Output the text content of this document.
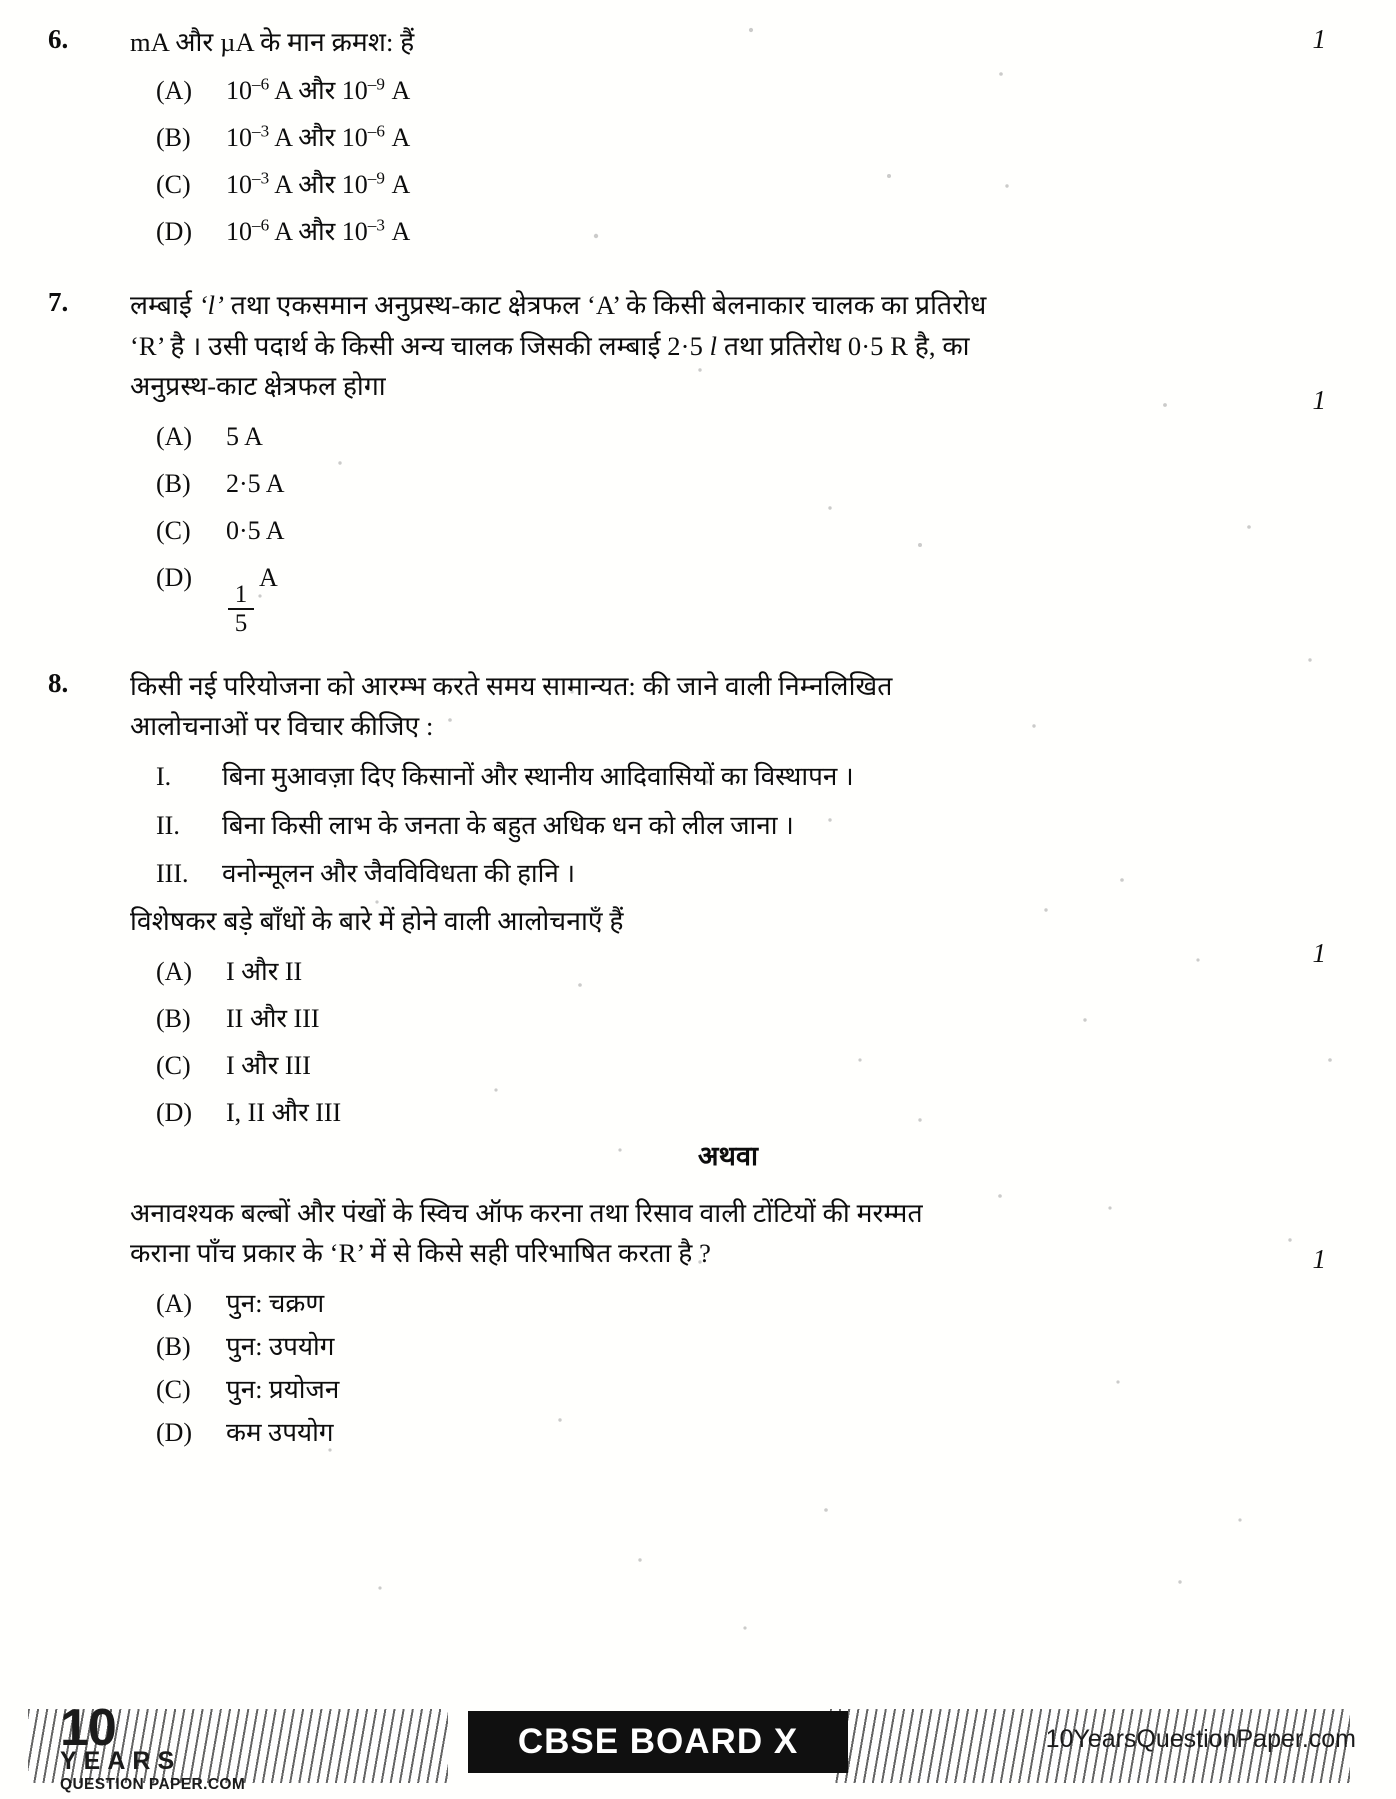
6.	mA और µA के मान क्रमश: हैं
(A)	$10^{-6}$ A और $10^{-9}$ A
(B)	$10^{-3}$ A और $10^{-6}$ A
(C)	$10^{-3}$ A और $10^{-9}$ A
(D)	$10^{-6}$ A और $10^{-3}$ A
1
7.	लम्बाई ‘l’ तथा एकसमान अनुप्रस्थ-काट क्षेत्रफल ‘A’ के किसी बेलनाकार चालक का प्रतिरोध
‘R’ है । उसी पदार्थ के किसी अन्य चालक जिसकी लम्बाई 2·5 l तथा प्रतिरोध 0·5 R है, का
अनुप्रस्थ-काट क्षेत्रफल होगा
(A)	5 A
(B)	2·5 A
(C)	0·5 A
(D)
$\frac{1}{5}$
A
1
8.	किसी नई परियोजना को आरम्भ करते समय सामान्यत: की जाने वाली निम्नलिखित
आलोचनाओं पर विचार कीजिए :
I.	बिना मुआवज़ा दिए किसानों और स्थानीय आदिवासियों का विस्थापन ।
II.	बिना किसी लाभ के जनता के बहुत अधिक धन को लील जाना ।
III.	वनोन्मूलन और जैवविविधता की हानि ।
विशेषकर बड़े बाँधों के बारे में होने वाली आलोचनाएँ हैं
(A)	I और II
(B)	II और III
(C)	I और III
(D)	I, II और III
अथवा
अनावश्यक बल्बों और पंखों के स्विच ऑफ करना तथा रिसाव वाली टोंटियों की मरम्मत
कराना पाँच प्रकार के ‘R’ में से किसे सही परिभाषित करता है ?
(A)	पुन: चक्रण
(B)	पुन: उपयोग
(C)	पुन: प्रयोजन
(D)	कम उपयोग
1
1
10
YEARS
QUESTION PAPER.COM
CBSE BOARD X	10YearsQuestionPaper.com
